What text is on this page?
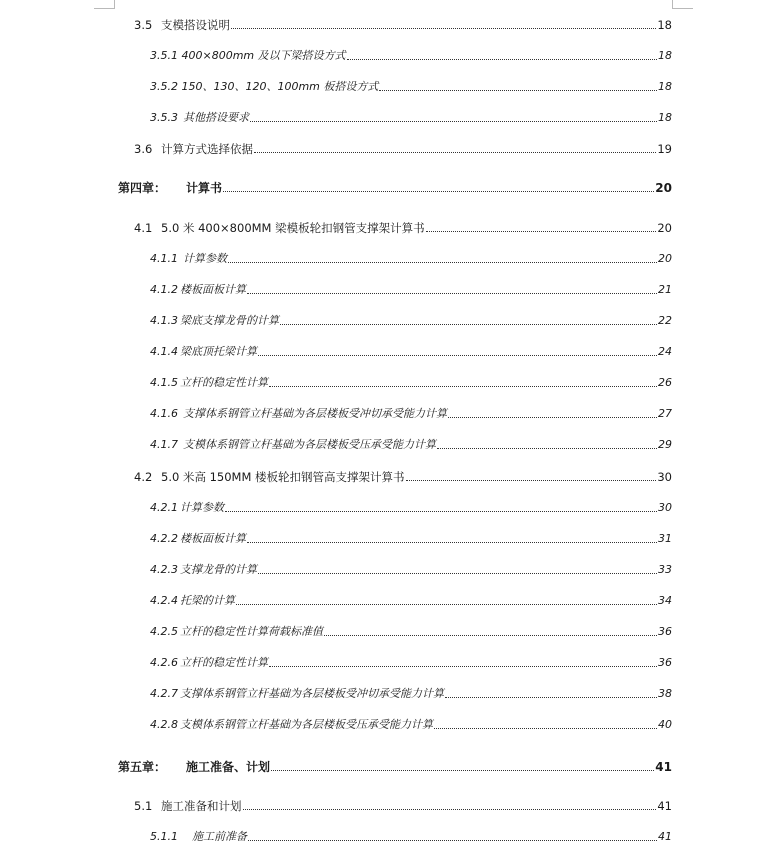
3.5 支模搭设说明	18
3.5.1 400×800mm 及以下梁搭设方式	18
3.5.2 150、130、120、100mm 板搭设方式	18
3.5.3 其他搭设要求	18
3.6 计算方式选择依据	19
第四章：	计算书	20
4.1 5.0 米 400×800MM 梁模板轮扣钢管支撑架计算书	20
4.1.1 计算参数	20
4.1.2 楼板面板计算	21
4.1.3 梁底支撑龙骨的计算	22
4.1.4 梁底顶托梁计算	24
4.1.5 立杆的稳定性计算	26
4.1.6 支撑体系钢管立杆基础为各层楼板受冲切承受能力计算	27
4.1.7 支模体系钢管立杆基础为各层楼板受压承受能力计算	29
4.2 5.0 米高 150MM 楼板轮扣钢管高支撑架计算书	30
4.2.1 计算参数	30
4.2.2 楼板面板计算	31
4.2.3 支撑龙骨的计算	33
4.2.4 托梁的计算	34
4.2.5 立杆的稳定性计算荷载标准值	36
4.2.6 立杆的稳定性计算	36
4.2.7 支撑体系钢管立杆基础为各层楼板受冲切承受能力计算	38
4.2.8 支模体系钢管立杆基础为各层楼板受压承受能力计算	40
第五章：	施工准备、计划	41
5.1 施工准备和计划	41
5.1.1 施工前准备	41
